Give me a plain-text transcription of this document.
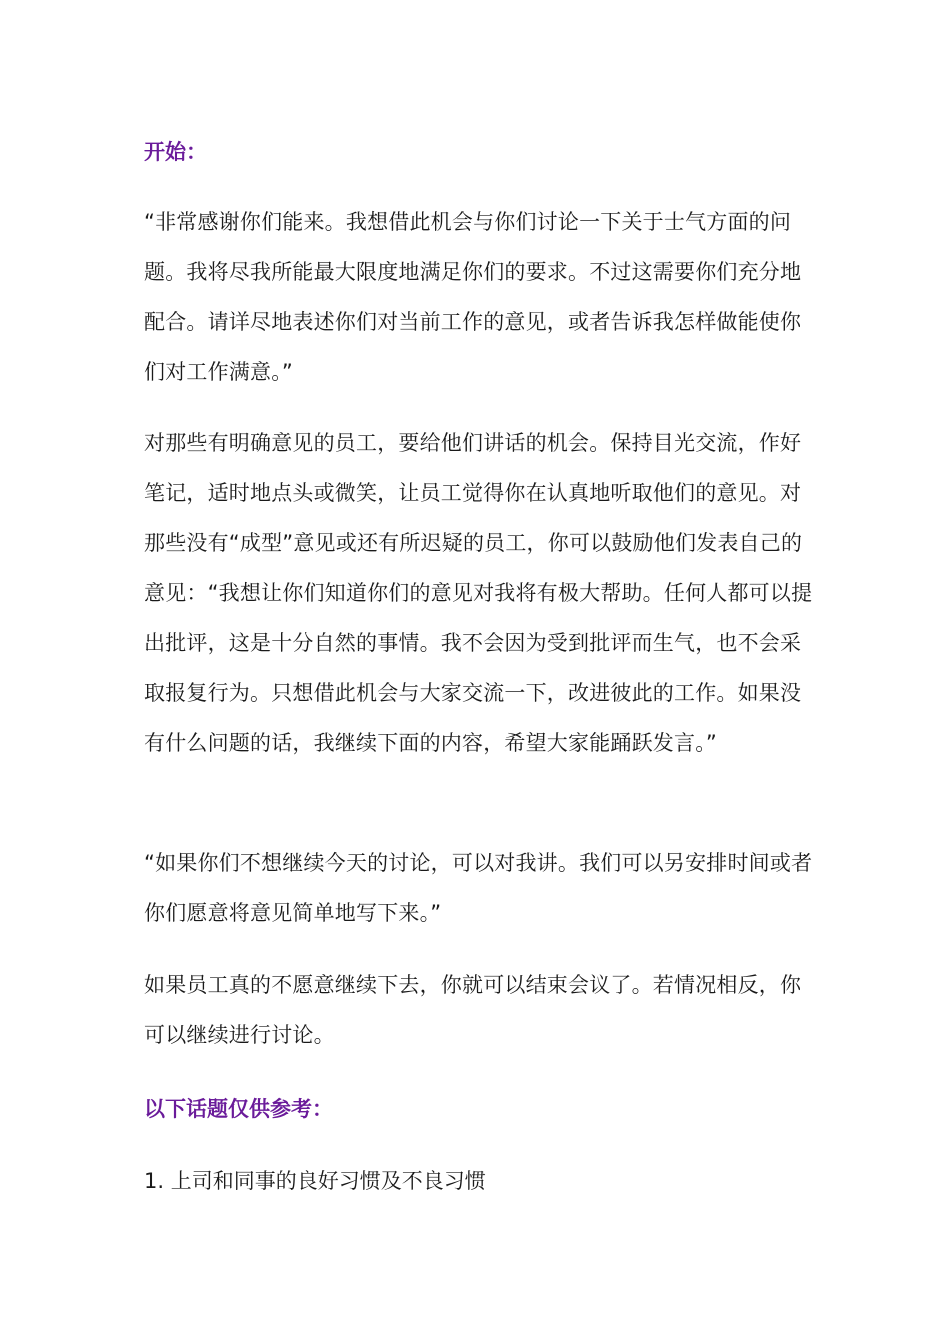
开始：

“非常感谢你们能来。我想借此机会与你们讨论一下关于士气方面的问题。我将尽我所能最大限度地满足你们的要求。不过这需要你们充分地配合。请详尽地表述你们对当前工作的意见，或者告诉我怎样做能使你们对工作满意。”

对那些有明确意见的员工，要给他们讲话的机会。保持目光交流，作好笔记，适时地点头或微笑，让员工觉得你在认真地听取他们的意见。对那些没有“成型”意见或还有所迟疑的员工，你可以鼓励他们发表自己的意见：“我想让你们知道你们的意见对我将有极大帮助。任何人都可以提出批评，这是十分自然的事情。我不会因为受到批评而生气，也不会采取报复行为。只想借此机会与大家交流一下，改进彼此的工作。如果没有什么问题的话，我继续下面的内容，希望大家能踊跃发言。”

“如果你们不想继续今天的讨论，可以对我讲。我们可以另安排时间或者你们愿意将意见简单地写下来。”

如果员工真的不愿意继续下去，你就可以结束会议了。若情况相反，你可以继续进行讨论。

以下话题仅供参考：

1. 上司和同事的良好习惯及不良习惯
